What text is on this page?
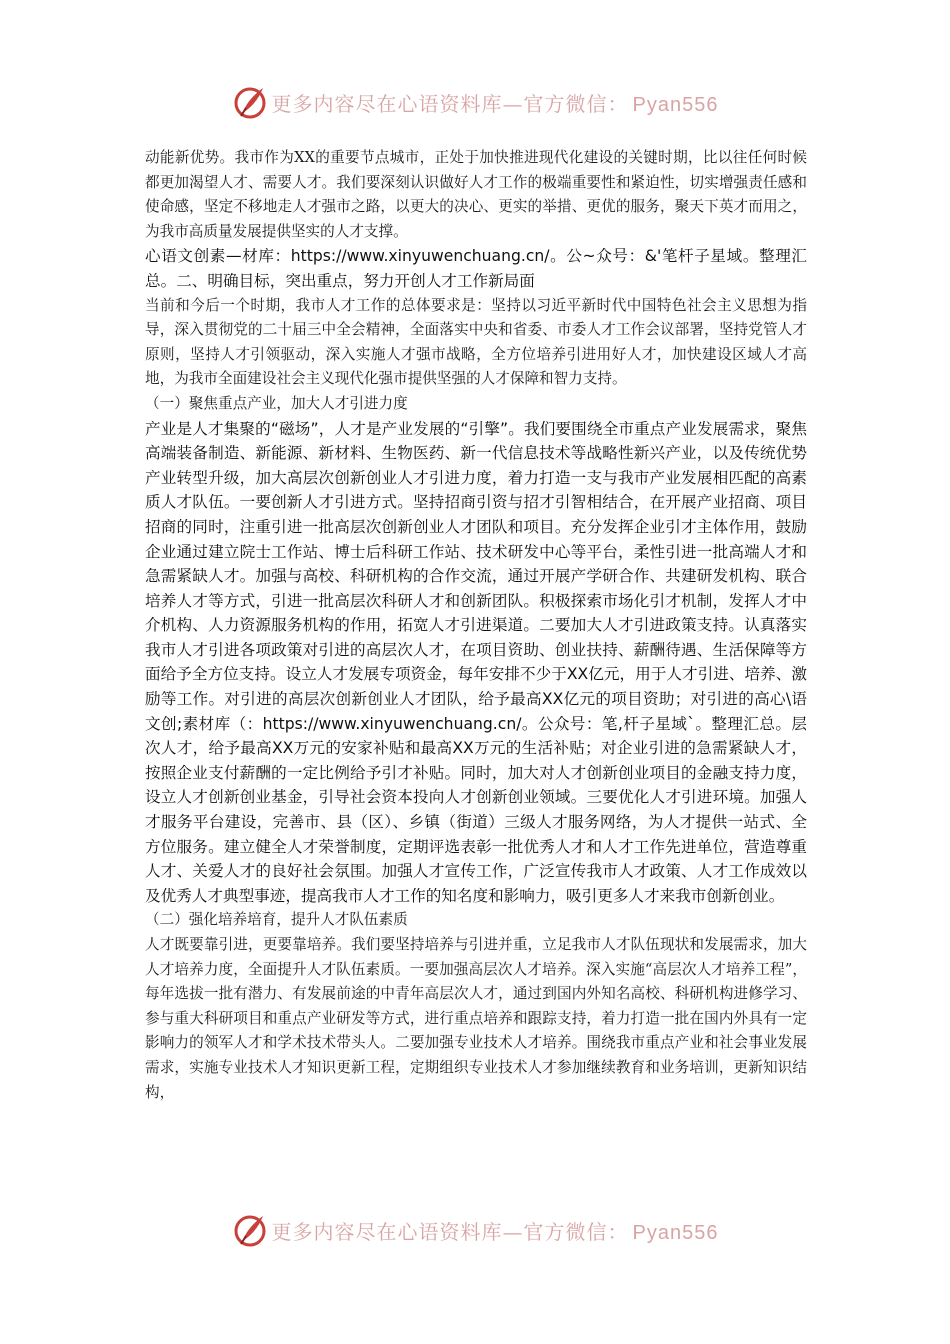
更多内容尽在心语资料库—官方微信： Pyan556

动能新优势。我市作为XX的重要节点城市，正处于加快推进现代化建设的关键时期，比以往任何时候都更加渴望人才、需要人才。我们要深刻认识做好人才工作的极端重要性和紧迫性，切实增强责任感和使命感，坚定不移地走人才强市之路，以更大的决心、更实的举措、更优的服务，聚天下英才而用之，为我市高质量发展提供坚实的人才支撑。

心语文创素—材库：https://www.xinyuwenchuang.cn/。公~众号：&'笔杆子星域。整理汇总。二、明确目标，突出重点，努力开创人才工作新局面

当前和今后一个时期，我市人才工作的总体要求是：坚持以习近平新时代中国特色社会主义思想为指导，深入贯彻党的二十届三中全会精神，全面落实中央和省委、市委人才工作会议部署，坚持党管人才原则，坚持人才引领驱动，深入实施人才强市战略，全方位培养引进用好人才，加快建设区域人才高地，为我市全面建设社会主义现代化强市提供坚强的人才保障和智力支持。

（一）聚焦重点产业，加大人才引进力度

产业是人才集聚的“磁场”，人才是产业发展的“引擎”。我们要围绕全市重点产业发展需求，聚焦高端装备制造、新能源、新材料、生物医药、新一代信息技术等战略性新兴产业，以及传统优势产业转型升级，加大高层次创新创业人才引进力度，着力打造一支与我市产业发展相匹配的高素质人才队伍。一要创新人才引进方式。坚持招商引资与招才引智相结合，在开展产业招商、项目招商的同时，注重引进一批高层次创新创业人才团队和项目。充分发挥企业引才主体作用，鼓励企业通过建立院士工作站、博士后科研工作站、技术研发中心等平台，柔性引进一批高端人才和急需紧缺人才。加强与高校、科研机构的合作交流，通过开展产学研合作、共建研发机构、联合培养人才等方式，引进一批高层次科研人才和创新团队。积极探索市场化引才机制，发挥人才中介机构、人力资源服务机构的作用，拓宽人才引进渠道。二要加大人才引进政策支持。认真落实我市人才引进各项政策对引进的高层次人才，在项目资助、创业扶持、薪酬待遇、生活保障等方面给予全方位支持。设立人才发展专项资金，每年安排不少于XX亿元，用于人才引进、培养、激励等工作。对引进的高层次创新创业人才团队，给予最高XX亿元的项目资助；对引进的高心\语文创;素材库（：https://www.xinyuwenchuang.cn/。公众号：笔,杆子星域`。整理汇总。层次人才，给予最高XX万元的安家补贴和最高XX万元的生活补贴；对企业引进的急需紧缺人才，按照企业支付薪酬的一定比例给予引才补贴。同时，加大对人才创新创业项目的金融支持力度，设立人才创新创业基金，引导社会资本投向人才创新创业领域。三要优化人才引进环境。加强人才服务平台建设，完善市、县（区）、乡镇（街道）三级人才服务网络，为人才提供一站式、全方位服务。建立健全人才荣誉制度，定期评选表彰一批优秀人才和人才工作先进单位，营造尊重人才、关爱人才的良好社会氛围。加强人才宣传工作，广泛宣传我市人才政策、人才工作成效以及优秀人才典型事迹，提高我市人才工作的知名度和影响力，吸引更多人才来我市创新创业。

（二）强化培养培育，提升人才队伍素质

人才既要靠引进，更要靠培养。我们要坚持培养与引进并重，立足我市人才队伍现状和发展需求，加大人才培养力度，全面提升人才队伍素质。一要加强高层次人才培养。深入实施“高层次人才培养工程”，每年选拔一批有潜力、有发展前途的中青年高层次人才，通过到国内外知名高校、科研机构进修学习、参与重大科研项目和重点产业研发等方式，进行重点培养和跟踪支持，着力打造一批在国内外具有一定影响力的领军人才和学术技术带头人。二要加强专业技术人才培养。围绕我市重点产业和社会事业发展需求，实施专业技术人才知识更新工程，定期组织专业技术人才参加继续教育和业务培训，更新知识结构，

更多内容尽在心语资料库—官方微信： Pyan556
